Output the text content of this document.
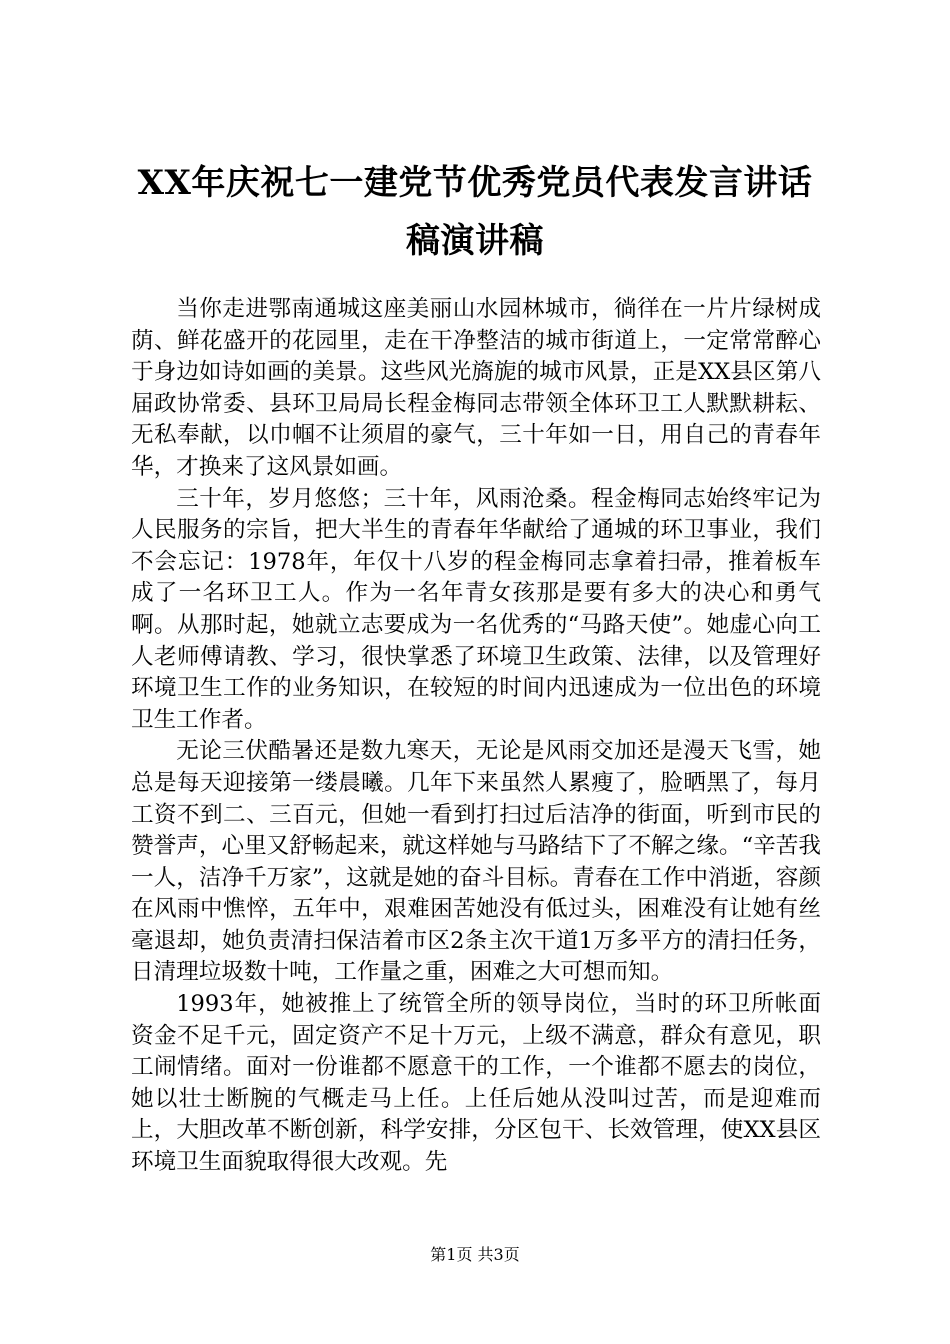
XX年庆祝七一建党节优秀党员代表发言讲话
稿演讲稿

当你走进鄂南通城这座美丽山水园林城市，徜徉在一片片绿树成荫、鲜花盛开的花园里，走在干净整洁的城市街道上，一定常常醉心于身边如诗如画的美景。这些风光旖旎的城市风景，正是XX县区第八届政协常委、县环卫局局长程金梅同志带领全体环卫工人默默耕耘、无私奉献，以巾帼不让须眉的豪气，三十年如一日，用自己的青春年华，才换来了这风景如画。

三十年，岁月悠悠；三十年，风雨沧桑。程金梅同志始终牢记为人民服务的宗旨，把大半生的青春年华献给了通城的环卫事业，我们不会忘记：1978年，年仅十八岁的程金梅同志拿着扫帚，推着板车成了一名环卫工人。作为一名年青女孩那是要有多大的决心和勇气啊。从那时起，她就立志要成为一名优秀的“马路天使”。她虚心向工人老师傅请教、学习，很快掌悉了环境卫生政策、法律，以及管理好环境卫生工作的业务知识，在较短的时间内迅速成为一位出色的环境卫生工作者。

无论三伏酷暑还是数九寒天，无论是风雨交加还是漫天飞雪，她总是每天迎接第一缕晨曦。几年下来虽然人累瘦了，脸晒黑了，每月工资不到二、三百元，但她一看到打扫过后洁净的街面，听到市民的赞誉声，心里又舒畅起来，就这样她与马路结下了不解之缘。“辛苦我一人，洁净千万家”，这就是她的奋斗目标。青春在工作中消逝，容颜在风雨中憔悴，五年中，艰难困苦她没有低过头，困难没有让她有丝毫退却，她负责清扫保洁着市区2条主次干道1万多平方的清扫任务，日清理垃圾数十吨，工作量之重，困难之大可想而知。

1993年，她被推上了统管全所的领导岗位，当时的环卫所帐面资金不足千元，固定资产不足十万元，上级不满意，群众有意见，职工闹情绪。面对一份谁都不愿意干的工作，一个谁都不愿去的岗位，她以壮士断腕的气概走马上任。上任后她从没叫过苦，而是迎难而上，大胆改革不断创新，科学安排，分区包干、长效管理，使XX县区环境卫生面貌取得很大改观。先

第1页 共3页
